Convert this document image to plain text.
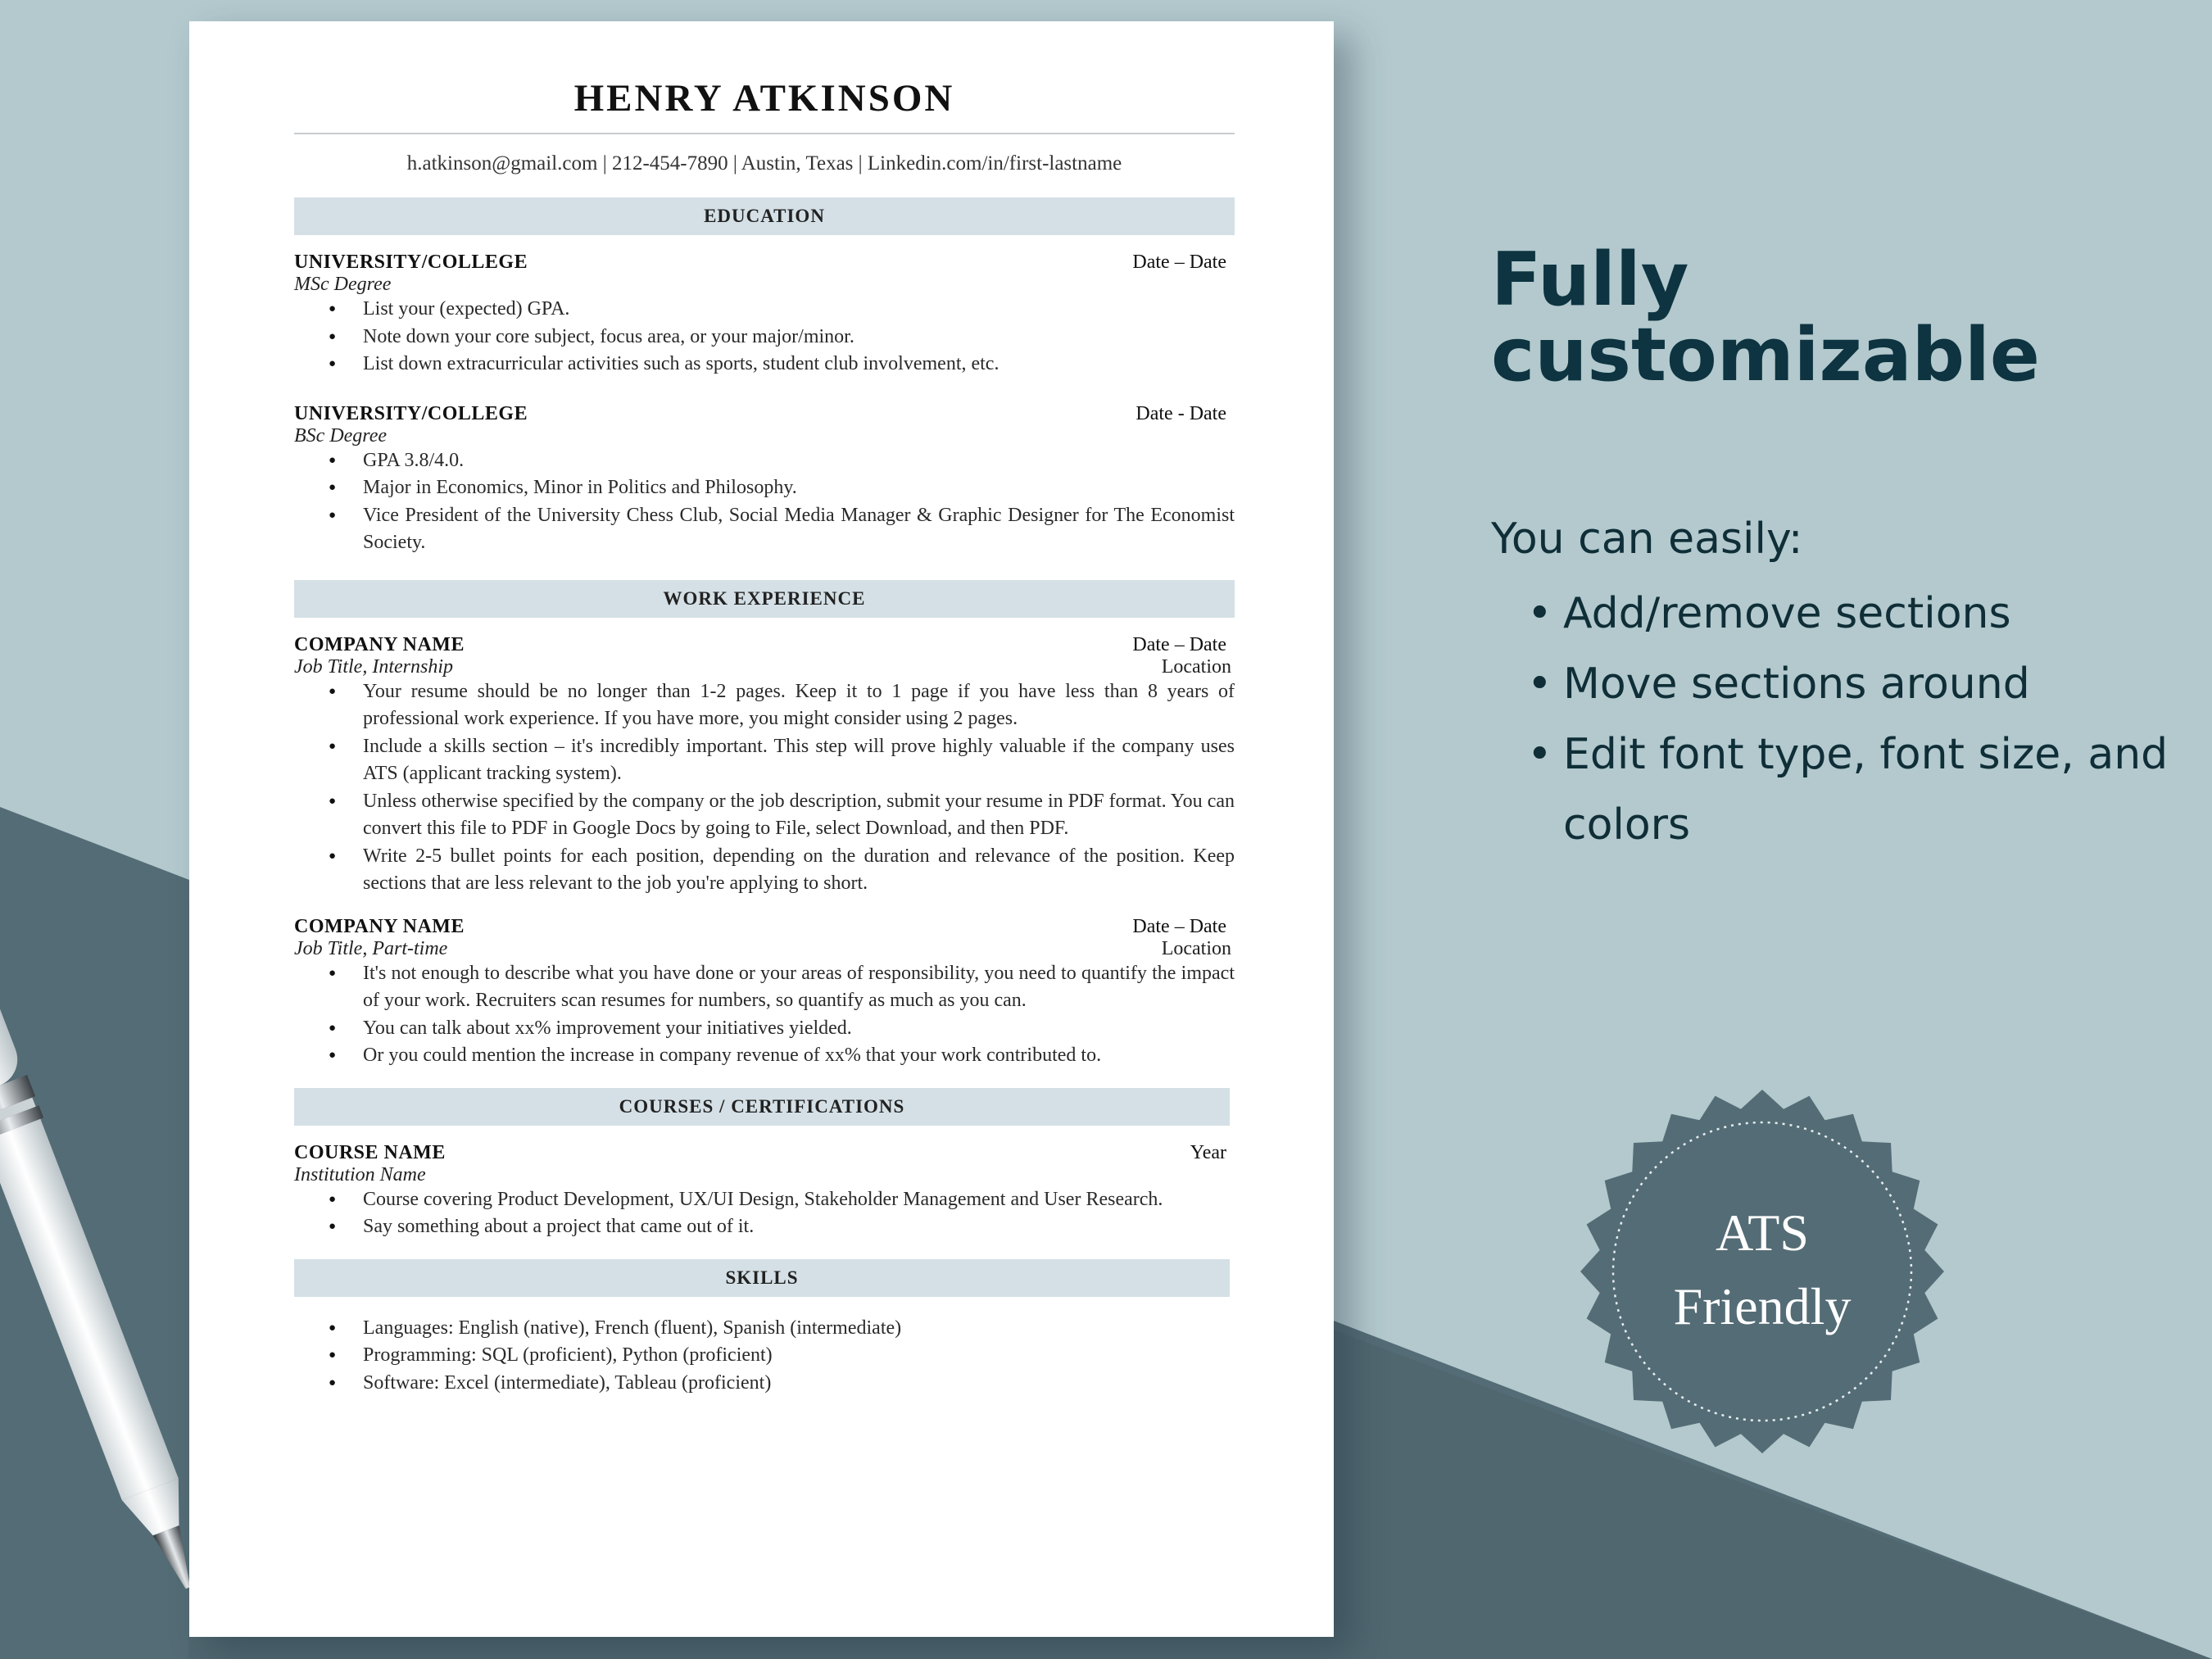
HENRY ATKINSON
h.atkinson@gmail.com | 212-454-7890 | Austin, Texas | Linkedin.com/in/first-lastname
EDUCATION
UNIVERSITY/COLLEGE	Date – Date
MSc Degree
● List your (expected) GPA.
● Note down your core subject, focus area, or your major/minor.
● List down extracurricular activities such as sports, student club involvement, etc.
UNIVERSITY/COLLEGE	Date - Date
BSc Degree
● GPA 3.8/4.0.
● Major in Economics, Minor in Politics and Philosophy.
● Vice President of the University Chess Club, Social Media Manager & Graphic Designer for The Economist Society.
WORK EXPERIENCE
COMPANY NAME	Date – Date
Job Title, Internship	Location
● Your resume should be no longer than 1-2 pages. Keep it to 1 page if you have less than 8 years of professional work experience. If you have more, you might consider using 2 pages.
● Include a skills section – it's incredibly important. This step will prove highly valuable if the company uses ATS (applicant tracking system).
● Unless otherwise specified by the company or the job description, submit your resume in PDF format. You can convert this file to PDF in Google Docs by going to File, select Download, and then PDF.
● Write 2-5 bullet points for each position, depending on the duration and relevance of the position. Keep sections that are less relevant to the job you're applying to short.
COMPANY NAME	Date – Date
Job Title, Part-time	Location
● It's not enough to describe what you have done or your areas of responsibility, you need to quantify the impact of your work. Recruiters scan resumes for numbers, so quantify as much as you can.
● You can talk about xx% improvement your initiatives yielded.
● Or you could mention the increase in company revenue of xx% that your work contributed to.
COURSES / CERTIFICATIONS
COURSE NAME	Year
Institution Name
● Course covering Product Development, UX/UI Design, Stakeholder Management and User Research.
● Say something about a project that came out of it.
SKILLS
● Languages: English (native), French (fluent), Spanish (intermediate)
● Programming: SQL (proficient), Python (proficient)
● Software: Excel (intermediate), Tableau (proficient)
Fully
customizable
You can easily:
• Add/remove sections
• Move sections around
• Edit font type, font size, and colors
ATS
Friendly
